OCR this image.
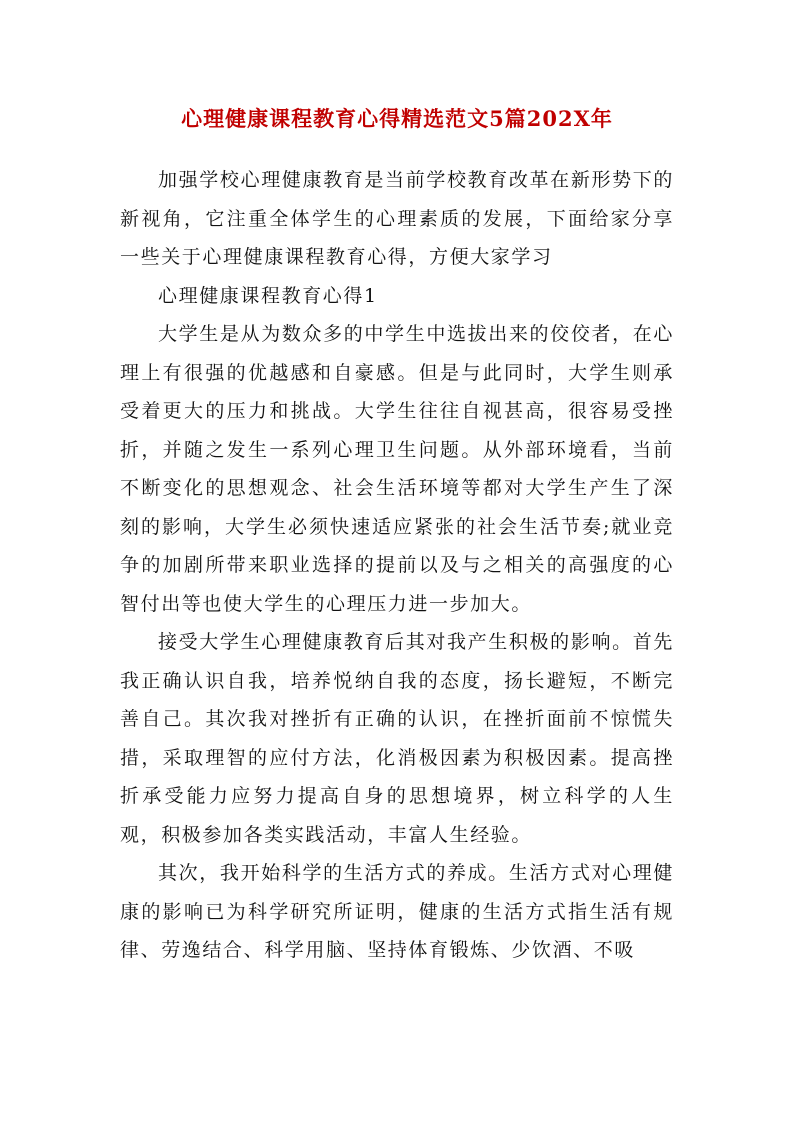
心理健康课程教育心得精选范文5篇202X年

加强学校心理健康教育是当前学校教育改革在新形势下的新视角，它注重全体学生的心理素质的发展，下面给家分享一些关于心理健康课程教育心得，方便大家学习

心理健康课程教育心得1

大学生是从为数众多的中学生中选拔出来的佼佼者，在心理上有很强的优越感和自豪感。但是与此同时，大学生则承受着更大的压力和挑战。大学生往往自视甚高，很容易受挫折，并随之发生一系列心理卫生问题。从外部环境看，当前不断变化的思想观念、社会生活环境等都对大学生产生了深刻的影响，大学生必须快速适应紧张的社会生活节奏;就业竞争的加剧所带来职业选择的提前以及与之相关的高强度的心智付出等也使大学生的心理压力进一步加大。

接受大学生心理健康教育后其对我产生积极的影响。首先我正确认识自我，培养悦纳自我的态度，扬长避短，不断完善自己。其次我对挫折有正确的认识，在挫折面前不惊慌失措，采取理智的应付方法，化消极因素为积极因素。提高挫折承受能力应努力提高自身的思想境界，树立科学的人生观，积极参加各类实践活动，丰富人生经验。

其次，我开始科学的生活方式的养成。生活方式对心理健康的影响已为科学研究所证明，健康的生活方式指生活有规律、劳逸结合、科学用脑、坚持体育锻炼、少饮酒、不吸
